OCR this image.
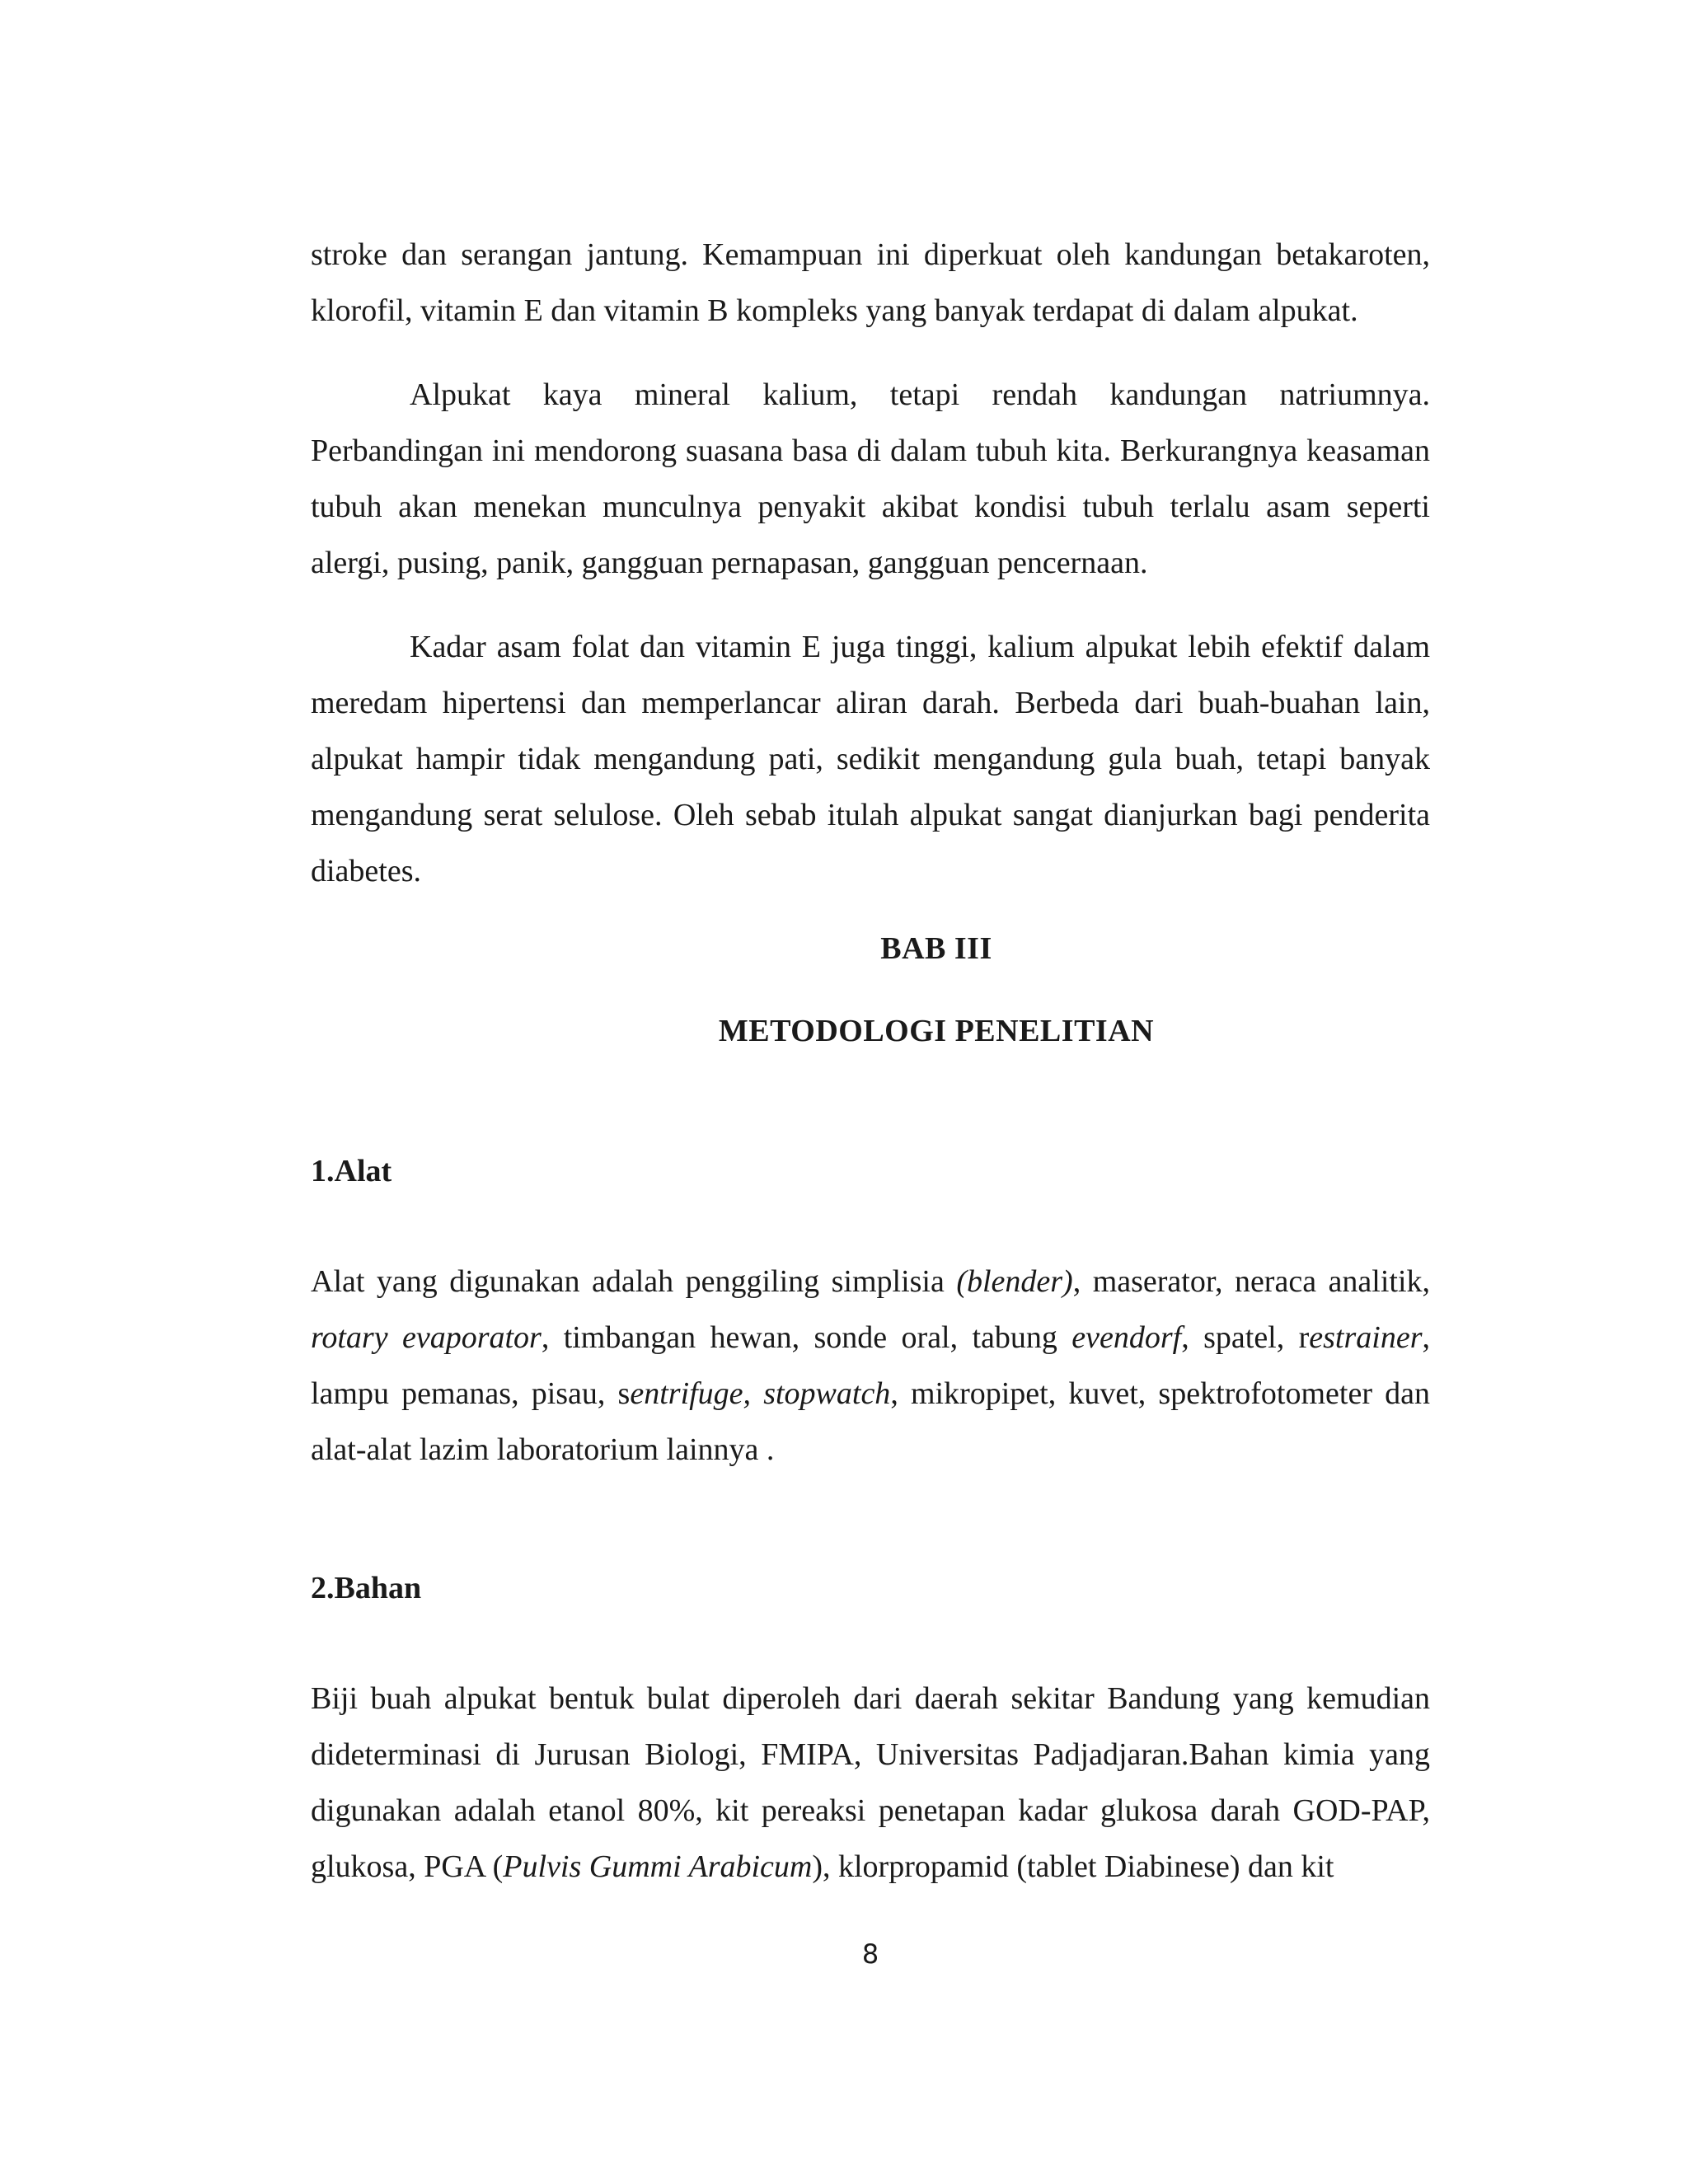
stroke dan serangan jantung. Kemampuan ini diperkuat oleh kandungan betakaroten, klorofil, vitamin E dan vitamin B kompleks yang banyak terdapat di dalam alpukat.

Alpukat kaya mineral kalium, tetapi rendah kandungan natriumnya. Perbandingan ini mendorong suasana basa di dalam tubuh kita. Berkurangnya keasaman tubuh akan menekan munculnya penyakit akibat kondisi tubuh terlalu asam seperti alergi, pusing, panik, gangguan pernapasan, gangguan pencernaan.

Kadar asam folat dan vitamin E juga tinggi, kalium alpukat lebih efektif dalam meredam hipertensi dan memperlancar aliran darah. Berbeda dari buah-buahan lain, alpukat hampir tidak mengandung pati, sedikit mengandung gula buah, tetapi banyak mengandung serat selulose. Oleh sebab itulah alpukat sangat dianjurkan bagi penderita diabetes.

BAB III

METODOLOGI PENELITIAN

1.Alat

Alat yang digunakan adalah penggiling simplisia (blender), maserator, neraca analitik, rotary evaporator, timbangan hewan, sonde oral, tabung evendorf, spatel, restrainer, lampu pemanas, pisau, sentrifuge, stopwatch, mikropipet, kuvet, spektrofotometer dan alat-alat lazim laboratorium lainnya .

2.Bahan

Biji buah alpukat bentuk bulat diperoleh dari daerah sekitar Bandung yang kemudian dideterminasi di Jurusan Biologi, FMIPA, Universitas Padjadjaran.Bahan kimia yang digunakan adalah etanol 80%, kit pereaksi penetapan kadar glukosa darah GOD-PAP, glukosa, PGA (Pulvis Gummi Arabicum), klorpropamid (tablet Diabinese) dan kit

8
